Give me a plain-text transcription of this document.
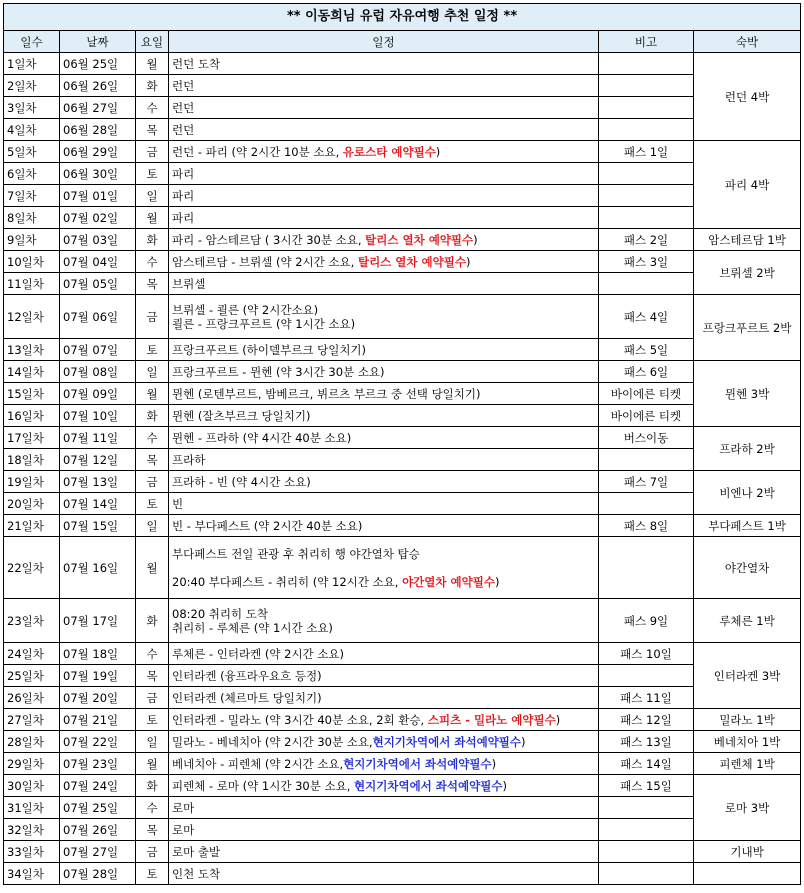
** 이동희님 유럽 자유여행 추천 일정 **					
일수	날짜	요일	일정	비고	숙박
1일차	06월 25일	월	런던 도착		런던 4박
2일차	06월 26일	화	런던		
3일차	06월 27일	수	런던		
4일차	06월 28일	목	런던		
5일차	06월 29일	금	런던 - 파리 (약 2시간 10분 소요, 유로스타 예약필수)	패스 1일	파리 4박
6일차	06월 30일	토	파리		
7일차	07월 01일	일	파리		
8일차	07월 02일	월	파리		
9일차	07월 03일	화	파리 - 암스테르담 ( 3시간 30분 소요, 탈리스 열차 예약필수)	패스 2일	암스테르담 1박
10일차	07월 04일	수	암스테르담 - 브뤼셀 (약 2시간 소요, 탈리스 열차 예약필수)	패스 3일	브뤼셀 2박
11일차	07월 05일	목	브뤼셀		
12일차	07월 06일	금	브뤼셀 - 쾰른 (약 2시간소요)
쾰른 - 프랑크푸르트 (약 1시간 소요)	패스 4일	프랑크푸르트 2박
13일차	07월 07일	토	프랑크푸르트 (하이델부르크 당일치기)	패스 5일	
14일차	07월 08일	일	프랑크푸르트 - 뮌헨 (약 3시간 30분 소요)	패스 6일	뮌헨 3박
15일차	07월 09일	월	뮌헨 (로텐부르트, 밤베르크, 뷔르츠 부르크 중 선택 당일치기)	바이에른 티켓	
16일차	07월 10일	화	뮌헨 (잘츠부르크 당일치기)	바이에른 티켓	
17일차	07월 11일	수	뮌헨 - 프라하 (약 4시간 40분 소요)	버스이동	프라하 2박
18일차	07월 12일	목	프라하		
19일차	07월 13일	금	프라하 - 빈 (약 4시간 소요)	패스 7일	비엔나 2박
20일차	07월 14일	토	빈		
21일차	07월 15일	일	빈 - 부다페스트 (약 2시간 40분 소요)	패스 8일	부다페스트 1박
22일차	07월 16일	월	부다페스트 전일 관광 후 취리히 행 야간열차 탑승

20:40 부다페스트 - 취리히 (약 12시간 소요, 야간열차 예약필수)		야간열차
23일차	07월 17일	화	08:20 취리히 도착
취리히 - 루체른 (약 1시간 소요)	패스 9일	루체른 1박
24일차	07월 18일	수	루체른 - 인터라켄 (약 2시간 소요)	패스 10일	인터라켄 3박
25일차	07월 19일	목	인터라켄 (융프라우요흐 등정)		
26일차	07월 20일	금	인터라켄 (체르마트 당일치기)	패스 11일	
27일차	07월 21일	토	인터라켄 - 밀라노 (약 3시간 40분 소요, 2회 환승, 스피츠 - 밀라노 예약필수)	패스 12일	밀라노 1박
28일차	07월 22일	일	밀라노 - 베네치아 (약 2시간 30분 소요,현지기차역에서 좌석예약필수)	패스 13일	베네치아 1박
29일차	07월 23일	월	베네치아 - 피렌체 (약 2시간 소요,현지기차역에서 좌석예약필수)	패스 14일	피렌체 1박
30일차	07월 24일	화	피렌체 - 로마 (약 1시간 30분 소요, 현지기차역에서 좌석예약필수)	패스 15일	로마 3박
31일차	07월 25일	수	로마		
32일차	07월 26일	목	로마		
33일차	07월 27일	금	로마 출발		기내박
34일차	07월 28일	토	인천 도착		
